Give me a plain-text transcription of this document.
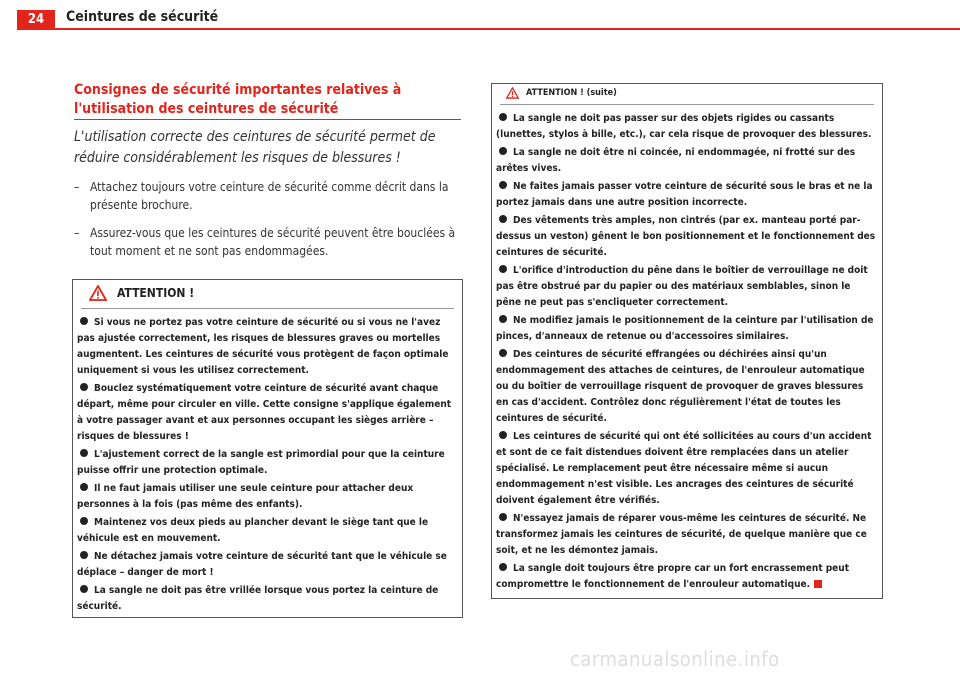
24	Ceintures de sécurité
Consignes de sécurité importantes relatives à l'utilisation des ceintures de sécurité
L'utilisation correcte des ceintures de sécurité permet de réduire considérablement les risques de blessures !
– Attachez toujours votre ceinture de sécurité comme décrit dans la présente brochure.
– Assurez-vous que les ceintures de sécurité peuvent être bouclées à tout moment et ne sont pas endommagées.
ATTENTION !
Si vous ne portez pas votre ceinture de sécurité ou si vous ne l'avez pas ajustée correctement, les risques de blessures graves ou mortelles augmentent. Les ceintures de sécurité vous protègent de façon optimale uniquement si vous les utilisez correctement.
Bouclez systématiquement votre ceinture de sécurité avant chaque départ, même pour circuler en ville. Cette consigne s'applique également à votre passager avant et aux personnes occupant les sièges arrière – risques de blessures !
L'ajustement correct de la sangle est primordial pour que la ceinture puisse offrir une protection optimale.
Il ne faut jamais utiliser une seule ceinture pour attacher deux personnes à la fois (pas même des enfants).
Maintenez vos deux pieds au plancher devant le siège tant que le véhicule est en mouvement.
Ne détachez jamais votre ceinture de sécurité tant que le véhicule se déplace – danger de mort !
La sangle ne doit pas être vrillée lorsque vous portez la ceinture de sécurité.
ATTENTION ! (suite)
La sangle ne doit pas passer sur des objets rigides ou cassants (lunettes, stylos à bille, etc.), car cela risque de provoquer des blessures.
La sangle ne doit être ni coincée, ni endommagée, ni frotté sur des arêtes vives.
Ne faites jamais passer votre ceinture de sécurité sous le bras et ne la portez jamais dans une autre position incorrecte.
Des vêtements très amples, non cintrés (par ex. manteau porté par-dessus un veston) gênent le bon positionnement et le fonctionnement des ceintures de sécurité.
L'orifice d'introduction du pêne dans le boîtier de verrouillage ne doit pas être obstrué par du papier ou des matériaux semblables, sinon le pêne ne peut pas s'encliqueter correctement.
Ne modifiez jamais le positionnement de la ceinture par l'utilisation de pinces, d'anneaux de retenue ou d'accessoires similaires.
Des ceintures de sécurité effrangées ou déchirées ainsi qu'un endommagement des attaches de ceintures, de l'enrouleur automatique ou du boîtier de verrouillage risquent de provoquer de graves blessures en cas d'accident. Contrôlez donc régulièrement l'état de toutes les ceintures de sécurité.
Les ceintures de sécurité qui ont été sollicitées au cours d'un accident et sont de ce fait distendues doivent être remplacées dans un atelier spécialisé. Le remplacement peut être nécessaire même si aucun endommagement n'est visible. Les ancrages des ceintures de sécurité doivent également être vérifiés.
N'essayez jamais de réparer vous-même les ceintures de sécurité. Ne transformez jamais les ceintures de sécurité, de quelque manière que ce soit, et ne les démontez jamais.
La sangle doit toujours être propre car un fort encrassement peut compromettre le fonctionnement de l'enrouleur automatique.
carmanualsonline.info
